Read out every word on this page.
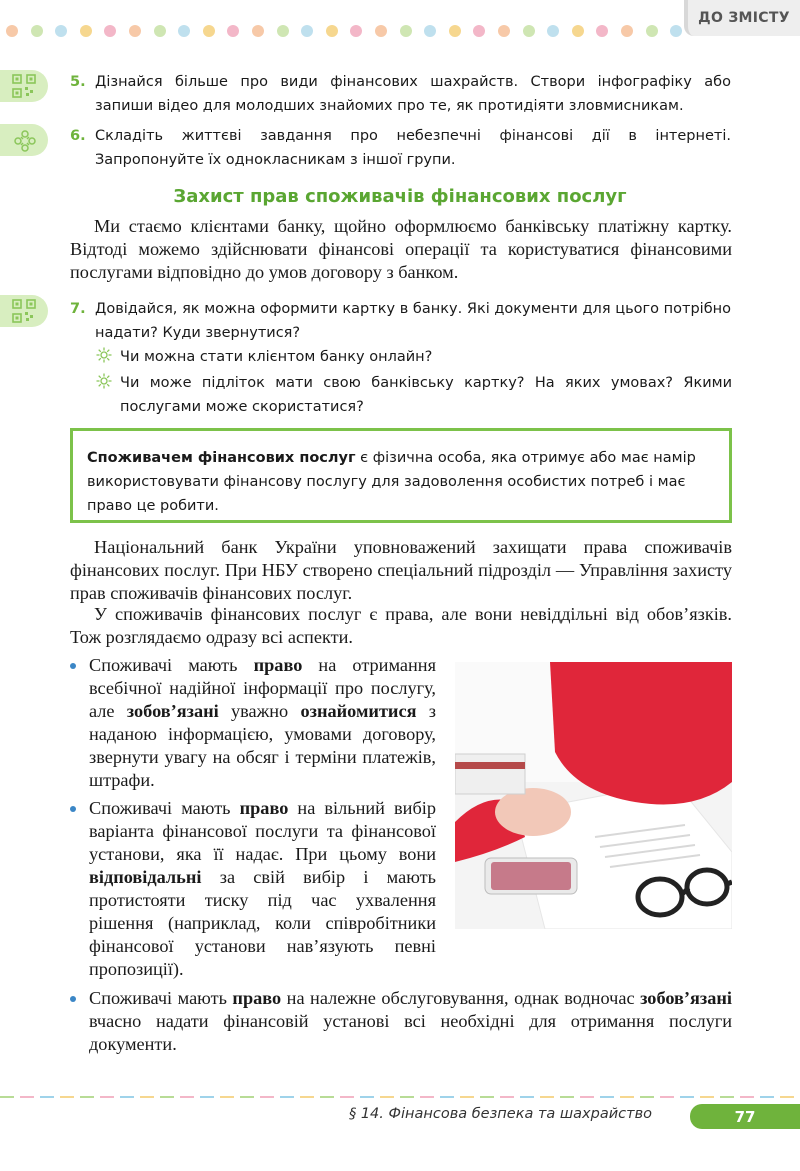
ДО ЗМІСТУ
5. Дізнайся більше про види фінансових шахрайств. Створи інфографіку або запиши відео для молодших знайомих про те, як протидіяти зловмисникам.
6. Складіть життєві завдання про небезпечні фінансові дії в інтернеті. Запропонуйте їх однокласникам з іншої групи.
Захист прав споживачів фінансових послуг
Ми стаємо клієнтами банку, щойно оформлюємо банківську платіжну картку. Відтоді можемо здійснювати фінансові операції та користуватися фінансовими послугами відповідно до умов договору з банком.
7. Довідайся, як можна оформити картку в банку. Які документи для цього потрібно надати? Куди звернутися?
Чи можна стати клієнтом банку онлайн?
Чи може підліток мати свою банківську картку? На яких умовах? Якими послугами може скористатися?
Споживачем фінансових послуг є фізична особа, яка отримує або має намір використовувати фінансову послугу для задоволення особистих потреб і має право це робити.
Національний банк України уповноважений захищати права споживачів фінансових послуг. При НБУ створено спеціальний підрозділ — Управління захисту прав споживачів фінансових послуг.
У споживачів фінансових послуг є права, але вони невіддільні від обов’язків. Тож розглядаємо одразу всі аспекти.
Споживачі мають право на отримання всебічної надійної інформації про послугу, але зобов’язані уважно ознайомитися з наданою інформацією, умовами договору, звернути увагу на обсяг і терміни платежів, штрафи.
Споживачі мають право на вільний вибір варіанта фінансової послуги та фінансової установи, яка її надає. При цьому вони відповідальні за свій вибір і мають протистояти тиску під час ухвалення рішення (наприклад, коли співробітники фінансової установи нав’язують певні пропозиції).
Споживачі мають право на належне обслуговування, однак водночас зобов’язані вчасно надати фінансовій установі всі необхідні для отримання послуги документи.
§ 14. Фінансова безпека та шахрайство	77
